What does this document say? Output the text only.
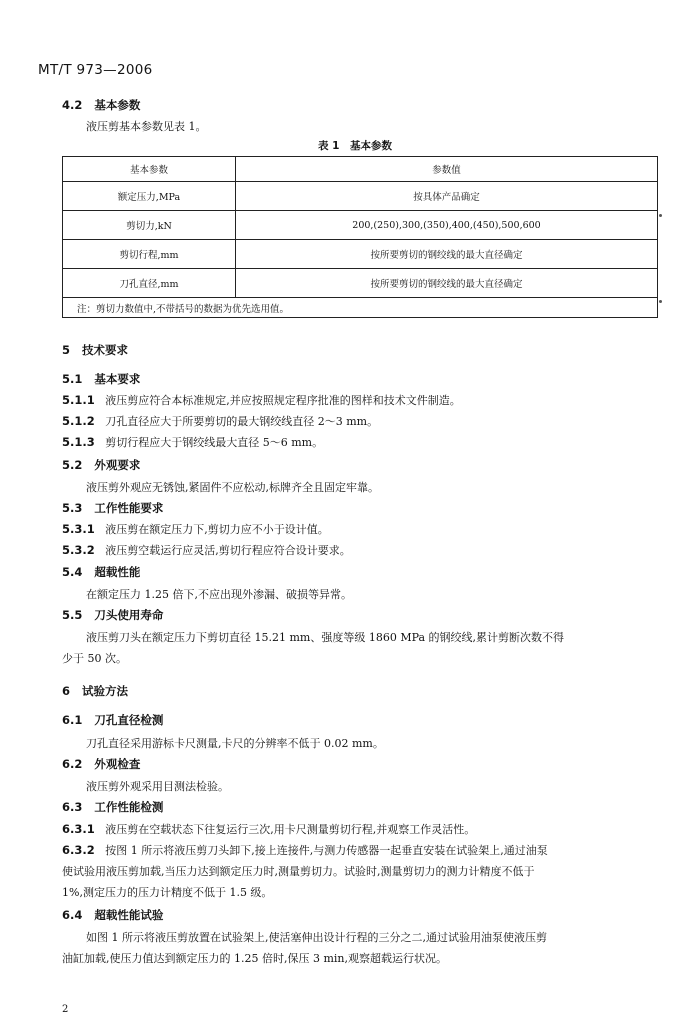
MT/T 973—2006
4.2 基本参数
液压剪基本参数见表 1。
表 1　基本参数
基本参数	参数值
额定压力,MPa	按具体产品确定
剪切力,kN	200,(250),300,(350),400,(450),500,600
剪切行程,mm	按所要剪切的钢绞线的最大直径确定
刀孔直径,mm	按所要剪切的钢绞线的最大直径确定
注：剪切力数值中,不带括号的数据为优先选用值。	
5 技术要求
5.1 基本要求
5.1.1 液压剪应符合本标准规定,并应按照规定程序批准的图样和技术文件制造。
5.1.2 刀孔直径应大于所要剪切的最大钢绞线直径 2～3 mm。
5.1.3 剪切行程应大于钢绞线最大直径 5～6 mm。
5.2 外观要求
液压剪外观应无锈蚀,紧固件不应松动,标牌齐全且固定牢靠。
5.3 工作性能要求
5.3.1 液压剪在额定压力下,剪切力应不小于设计值。
5.3.2 液压剪空载运行应灵活,剪切行程应符合设计要求。
5.4 超载性能
在额定压力 1.25 倍下,不应出现外渗漏、破损等异常。
5.5 刀头使用寿命
液压剪刀头在额定压力下剪切直径 15.21 mm、强度等级 1860 MPa 的钢绞线,累计剪断次数不得
少于 50 次。
6 试验方法
6.1 刀孔直径检测
刀孔直径采用游标卡尺测量,卡尺的分辨率不低于 0.02 mm。
6.2 外观检查
液压剪外观采用目测法检验。
6.3 工作性能检测
6.3.1 液压剪在空载状态下往复运行三次,用卡尺测量剪切行程,并观察工作灵活性。
6.3.2 按图 1 所示将液压剪刀头卸下,接上连接件,与测力传感器一起垂直安装在试验架上,通过油泵
使试验用液压剪加载,当压力达到额定压力时,测量剪切力。试验时,测量剪切力的测力计精度不低于
1%,测定压力的压力计精度不低于 1.5 级。
6.4 超载性能试验
如图 1 所示将液压剪放置在试验架上,使活塞伸出设计行程的三分之二,通过试验用油泵使液压剪
油缸加载,使压力值达到额定压力的 1.25 倍时,保压 3 min,观察超载运行状况。
2
